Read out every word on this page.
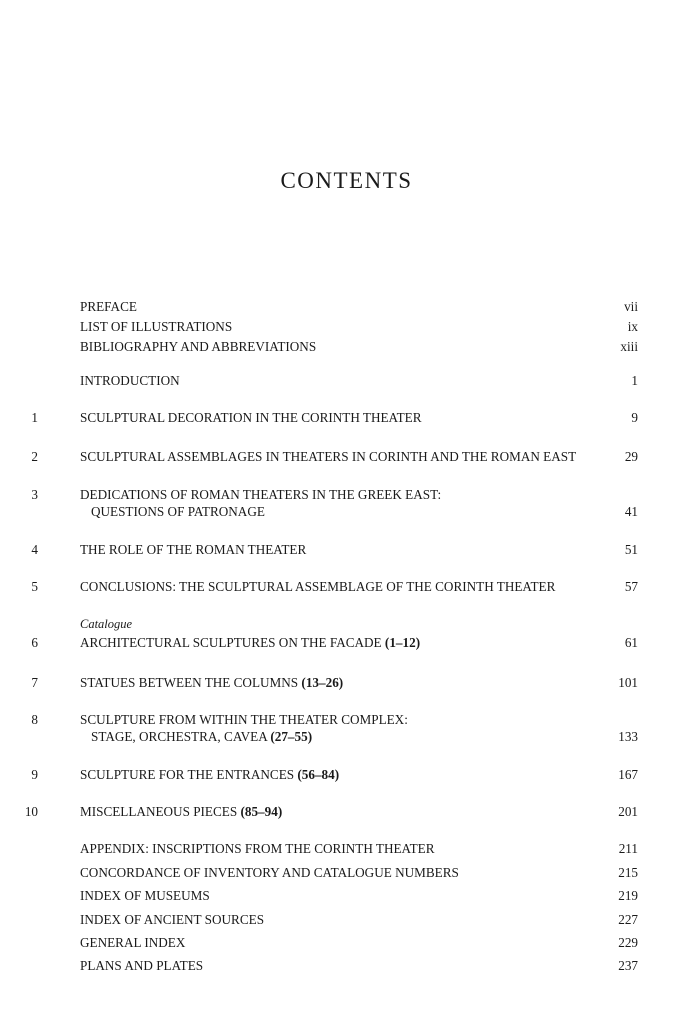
CONTENTS
PREFACE	vii
LIST OF ILLUSTRATIONS	ix
BIBLIOGRAPHY AND ABBREVIATIONS	xiii
INTRODUCTION	1
1	SCULPTURAL DECORATION IN THE CORINTH THEATER	9
2	SCULPTURAL ASSEMBLAGES IN THEATERS IN CORINTH AND THE ROMAN EAST	29
3	DEDICATIONS OF ROMAN THEATERS IN THE GREEK EAST:
QUESTIONS OF PATRONAGE	41
4	THE ROLE OF THE ROMAN THEATER	51
5	CONCLUSIONS: THE SCULPTURAL ASSEMBLAGE OF THE CORINTH THEATER	57
Catalogue
6	ARCHITECTURAL SCULPTURES ON THE FACADE (1–12)	61
7	STATUES BETWEEN THE COLUMNS (13–26)	101
8	SCULPTURE FROM WITHIN THE THEATER COMPLEX:
STAGE, ORCHESTRA, CAVEA (27–55)	133
9	SCULPTURE FOR THE ENTRANCES (56–84)	167
10	MISCELLANEOUS PIECES (85–94)	201
APPENDIX: INSCRIPTIONS FROM THE CORINTH THEATER	211
CONCORDANCE OF INVENTORY AND CATALOGUE NUMBERS	215
INDEX OF MUSEUMS	219
INDEX OF ANCIENT SOURCES	227
GENERAL INDEX	229
PLANS AND PLATES	237
